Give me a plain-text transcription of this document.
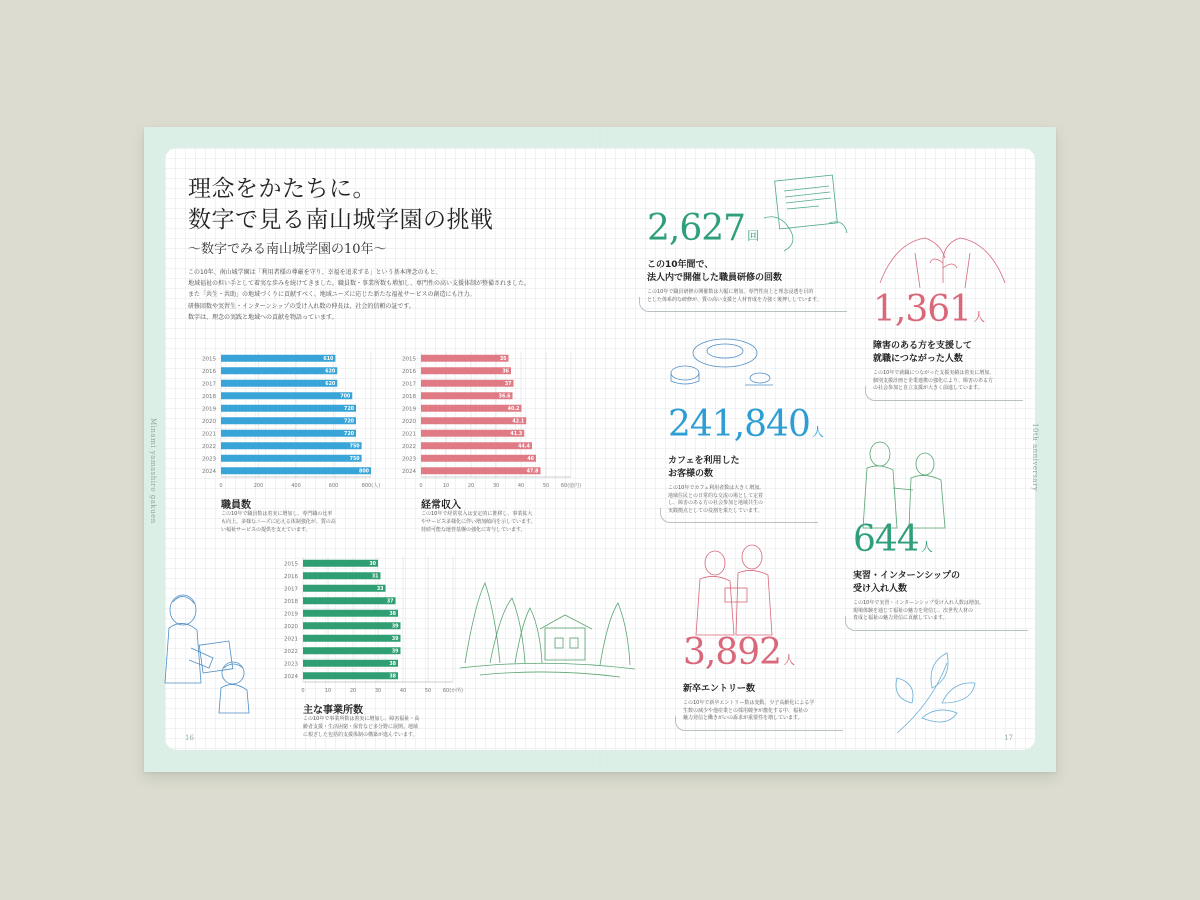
Minami yamashiro gakuen	10th anniversary
理念をかたちに。
数字で見る南山城学園の挑戦

〜数字でみる南山城学園の10年〜

この10年、南山城学園は「利用者様の尊厳を守り、幸福を追求する」という基本理念のもと、

地域福祉の担い手として着実な歩みを続けてきました。職員数・事業所数も増加し、専門性の高い支援体制が整備されました。

また「共生・共助」の地域づくりに貢献すべく、地域ニーズに応じた新たな福祉サービスの創造にも注力。

研修回数や実習生・インターンシップの受け入れ数の伸長は、社会的信頼の証です。

数字は、理念の実践と地域への貢献を物語っています。

0	200	400	600	800(人)
2015	610
2016	620
2017	620
2018	700
2019	720
2020	720
2021	720
2022	750
2023	750
2024	800

職員数

この10年で職員数は着実に増加し、専門職の比率
も向上。多様なニーズに応える体制強化が、質の高
い福祉サービスの提供を支えています。
0	10	20	30	40	50 60(億円)
2015	35
2016	36
2017	37
2018	36.6
2019	40.2
2020	42.1
2021	41.3
2022	44.4
2023	46
2024	47.8

経常収入

この10年で経常収入は安定的に推移し、事業拡大
やサービス多様化に伴い増加傾向を示しています。
持続可能な運営基盤の強化に寄与しています。
0	10	20	30	40	50 60(か所)
2015	30
2016	31
2017	33
2018	37
2019	38
2020	39
2021	39
2022	39
2023	38
2024	38

主な事業所数

この10年で事業所数は着実に増加し、障害福祉・高
齢者支援・生活困窮・保育など多分野に展開。地域
に根ざした包括的支援体制の構築が進んでいます。
2,627 回
この10年間で、
法人内で開催した職員研修の回数
この10年で職員研修の開催数は大幅に増加。専門性向上と理念浸透を目的
とした体系的な研修が、質の高い支援と人材育成を力強く後押ししています。	1,361 人
障害のある方を支援して
就職につながった人数
この10年で就職につながった支援実績は着実に増加。
個別支援計画と企業連携の強化により、障害のある方
の社会参加と自立支援が大きく前進しています。
241,840 人
カフェを利用した
お客様の数
この10年でカフェ利用者数は大きく増加。
地域住民との日常的な交流の場として定着
し、障害のある方の社会参加と地域共生の
実践拠点としての役割を果たしています。
644 人
実習・インターンシップの
受け入れ人数
この10年で実習・インターンシップ受け入れ人数は増加。
現場体験を通じて福祉の魅力を発信し、次世代人材の
育成と福祉の魅力発信に貢献しています。
3,892 人
新卒エントリー数
この10年で新卒エントリー数は変動。少子高齢化による学
生数の減少や他産業との採用競争が激化する中、福祉の
魅力発信と働きがいの訴求が重要性を増しています。
16	17
